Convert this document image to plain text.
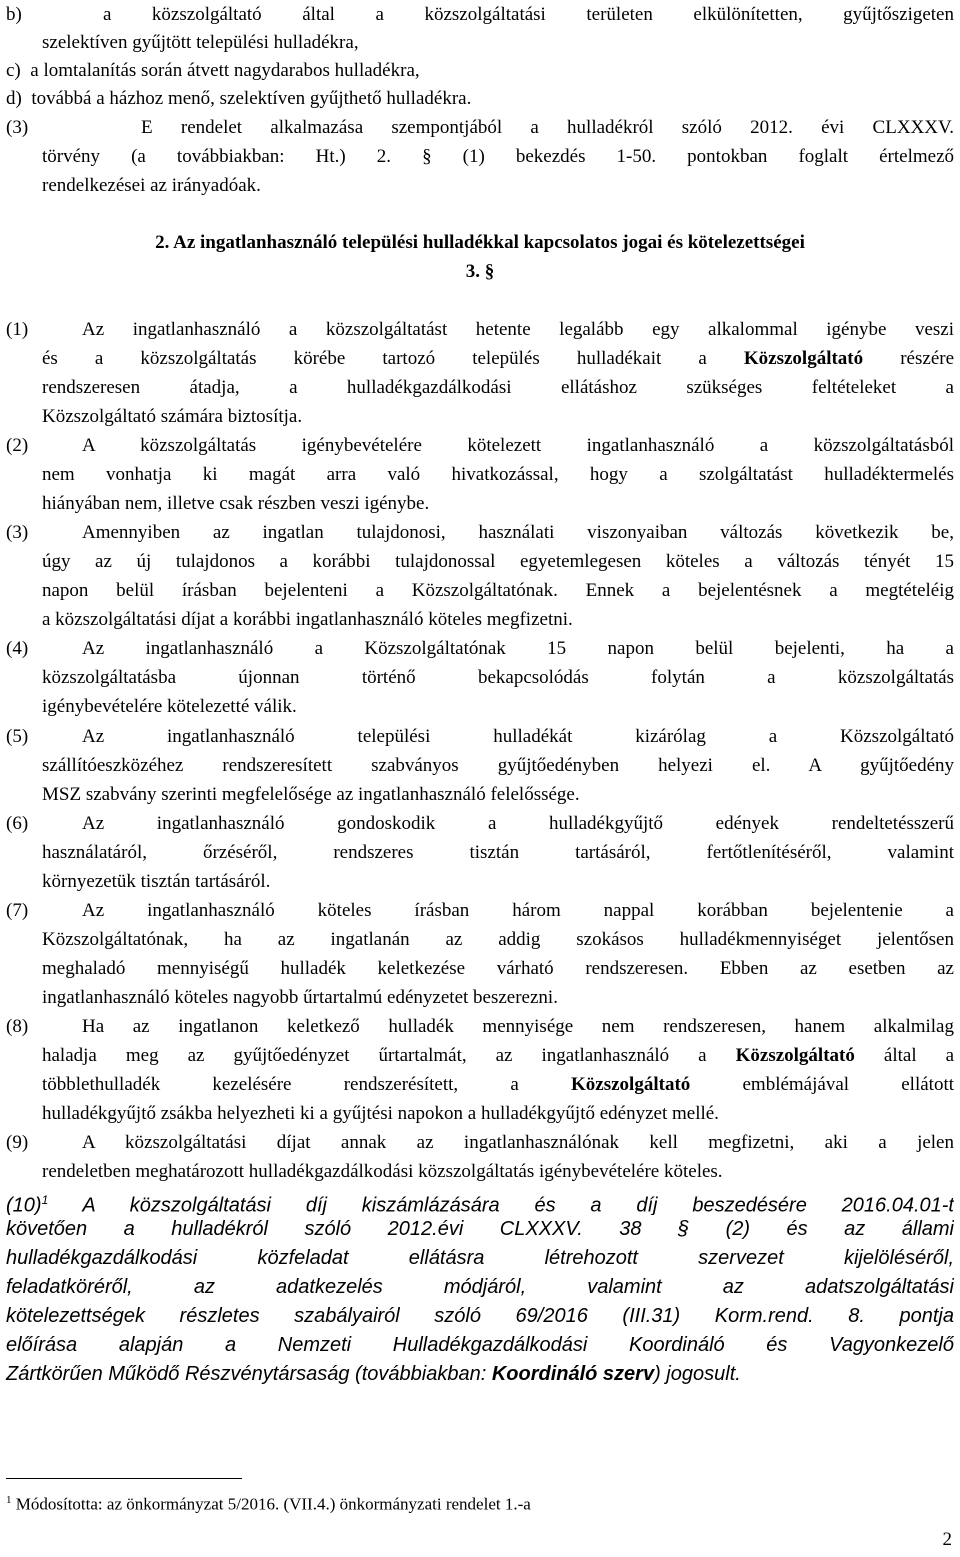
b)  a közszolgáltató által a közszolgáltatási területen elkülönítetten, gyűjtőszigeten
szelektíven gyűjtött települési hulladékra,
c)  a lomtalanítás során átvett nagydarabos hulladékra,
d)  továbbá a házhoz menő, szelektíven gyűjthető hulladékra.
(3)    E rendelet alkalmazása szempontjából a hulladékról szóló 2012. évi CLXXXV.
törvény (a továbbiakban: Ht.) 2. § (1) bekezdés 1-50. pontokban foglalt értelmező
rendelkezései az irányadóak.
2. Az ingatlanhasználó települési hulladékkal kapcsolatos jogai és kötelezettségei
3. §
(1)	Az ingatlanhasználó a közszolgáltatást hetente legalább egy alkalommal igénybe veszi
és a közszolgáltatás körébe tartozó település hulladékait a Közszolgáltató részére
rendszeresen átadja, a hulladékgazdálkodási ellátáshoz szükséges feltételeket a
Közszolgáltató számára biztosítja.
(2)	A közszolgáltatás igénybevételére kötelezett ingatlanhasználó a közszolgáltatásból
nem vonhatja ki magát arra való hivatkozással, hogy a szolgáltatást hulladéktermelés
hiányában nem, illetve csak részben veszi igénybe.
(3)	Amennyiben az ingatlan tulajdonosi, használati viszonyaiban változás következik be,
úgy az új tulajdonos a korábbi tulajdonossal egyetemlegesen köteles a változás tényét 15
napon belül írásban bejelenteni a Közszolgáltatónak. Ennek a bejelentésnek a megtételéig
a közszolgáltatási díjat a korábbi ingatlanhasználó köteles megfizetni.
(4)	Az ingatlanhasználó a Közszolgáltatónak 15 napon belül bejelenti, ha a
közszolgáltatásba újonnan történő bekapcsolódás folytán a közszolgáltatás
igénybevételére kötelezetté válik.
(5)	Az ingatlanhasználó települési hulladékát kizárólag a Közszolgáltató
szállítóeszközéhez rendszeresített szabványos gyűjtőedényben helyezi el. A gyűjtőedény
MSZ szabvány szerinti megfelelősége az ingatlanhasználó felelőssége.
(6)	Az ingatlanhasználó gondoskodik a hulladékgyűjtő edények rendeltetésszerű
használatáról, őrzéséről, rendszeres tisztán tartásáról, fertőtlenítéséről, valamint
környezetük tisztán tartásáról.
(7)	Az ingatlanhasználó köteles írásban három nappal korábban bejelentenie a
Közszolgáltatónak, ha az ingatlanán az addig szokásos hulladékmennyiséget jelentősen
meghaladó mennyiségű hulladék keletkezése várható rendszeresen. Ebben az esetben az
ingatlanhasználó köteles nagyobb űrtartalmú edényzetet beszerezni.
(8)	Ha az ingatlanon keletkező hulladék mennyisége nem rendszeresen, hanem alkalmilag
haladja meg az gyűjtőedényzet űrtartalmát, az ingatlanhasználó a Közszolgáltató által a
többlethulladék kezelésére rendszerésített, a	Közszolgáltató	emblémájával ellátott
hulladékgyűjtő zsákba helyezheti ki a gyűjtési napokon a hulladékgyűjtő edényzet mellé.
(9)	A közszolgáltatási díjat annak az ingatlanhasználónak kell megfizetni, aki a jelen
rendeletben meghatározott hulladékgazdálkodási közszolgáltatás igénybevételére köteles.
$(10)^1$ A közszolgáltatási díj kiszámlázására és a díj beszedésére 2016.04.01-t
követően a hulladékról szóló 2012.évi CLXXXV. 38 § (2) és az állami
hulladékgazdálkodási közfeladat ellátásra létrehozott szervezet kijelöléséről,
feladatköréről, az adatkezelés módjáról, valamint az adatszolgáltatási
kötelezettségek részletes szabályairól szóló 69/2016 (III.31) Korm.rend. 8. pontja
előírása alapján a Nemzeti Hulladékgazdálkodási Koordináló és Vagyonkezelő
Zártkörűen Működő Részvénytársaság (továbbiakban: Koordináló szerv) jogosult.
$^1$ Módosította: az önkormányzat 5/2016. (VII.4.) önkormányzati rendelet 1.-a
2
